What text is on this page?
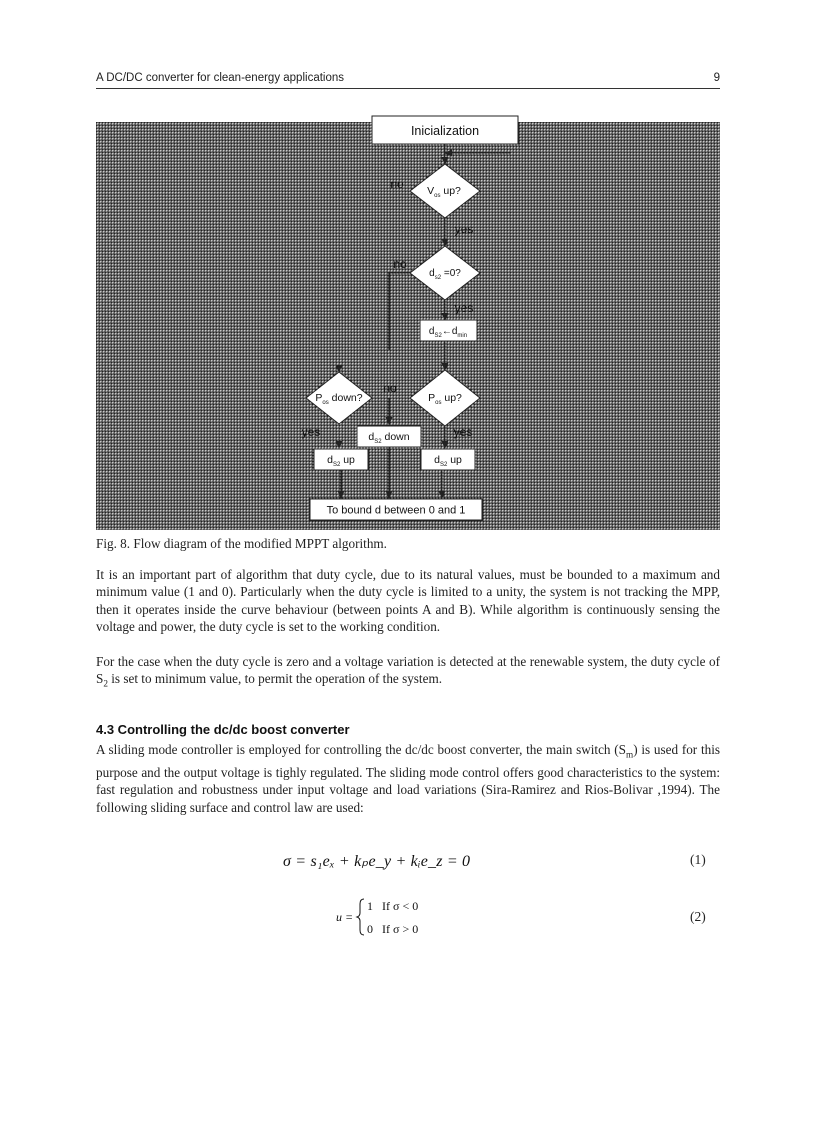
A DC/DC converter for clean-energy applications	9
Inicialization
$V_{os}$ up?
no
yes
$d_{s2} =0$?
no
yes
$d_{S2}\leftarrow d_{min}$
$P_{os}$ down?	$P_{os}$ up?
no
$d_{S2}$ down
yes	yes
$d_{S2}$ up	$d_{S2}$ up
To bound d between 0 and 1
Fig. 8. Flow diagram of the modified MPPT algorithm.

It is an important part of algorithm that duty cycle, due to its natural values, must be bounded to a maximum and minimum value (1 and 0). Particularly when the duty cycle is limited to a unity, the system is not tracking the MPP, then it operates inside the curve behaviour (between points A and B). While algorithm is continuously sensing the voltage and power, the duty cycle is set to the working condition.

For the case when the duty cycle is zero and a voltage variation is detected at the renewable system, the duty cycle of $S_2$ is set to minimum value, to permit the operation of the system.

4.3 Controlling the dc/dc boost converter

A sliding mode controller is employed for controlling the dc/dc boost converter, the main switch $(S_m)$ is used for this purpose and the output voltage is tighly regulated. The sliding mode control offers good characteristics to the system: fast regulation and robustness under input voltage and load variations (Sira-Ramirez and Rios-Bolivar ,1994). The following sliding surface and control law are used:

σ = s₁eₓ + kₚe_y + kᵢe_z = 0	(1)
u =
1   If σ < 0
0   If σ > 0
(2)
